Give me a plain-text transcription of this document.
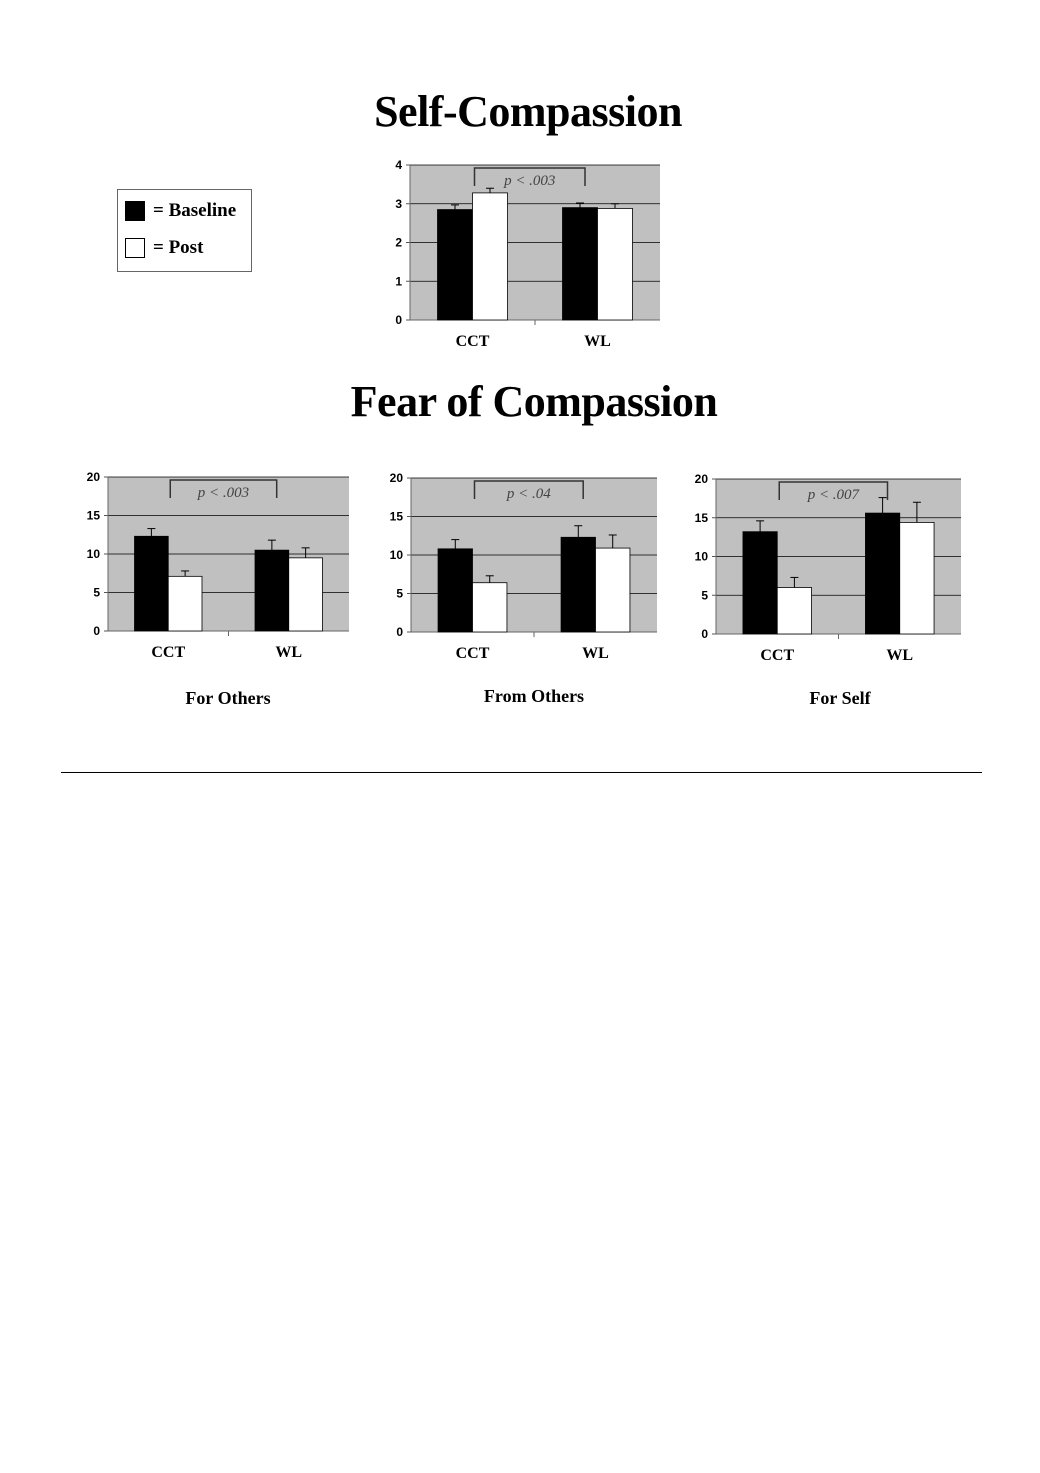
Self-Compassion
Fear of Compassion
= Baseline
= Post
0
1
2
3
4
CCT	WL
p < .003
0
5
10
15
20
CCT	WL
p < .003
0
5
10
15
20
CCT	WL
p < .04
0
5
10
15
20
CCT	WL
p < .007
For Others	From Others	For Self
